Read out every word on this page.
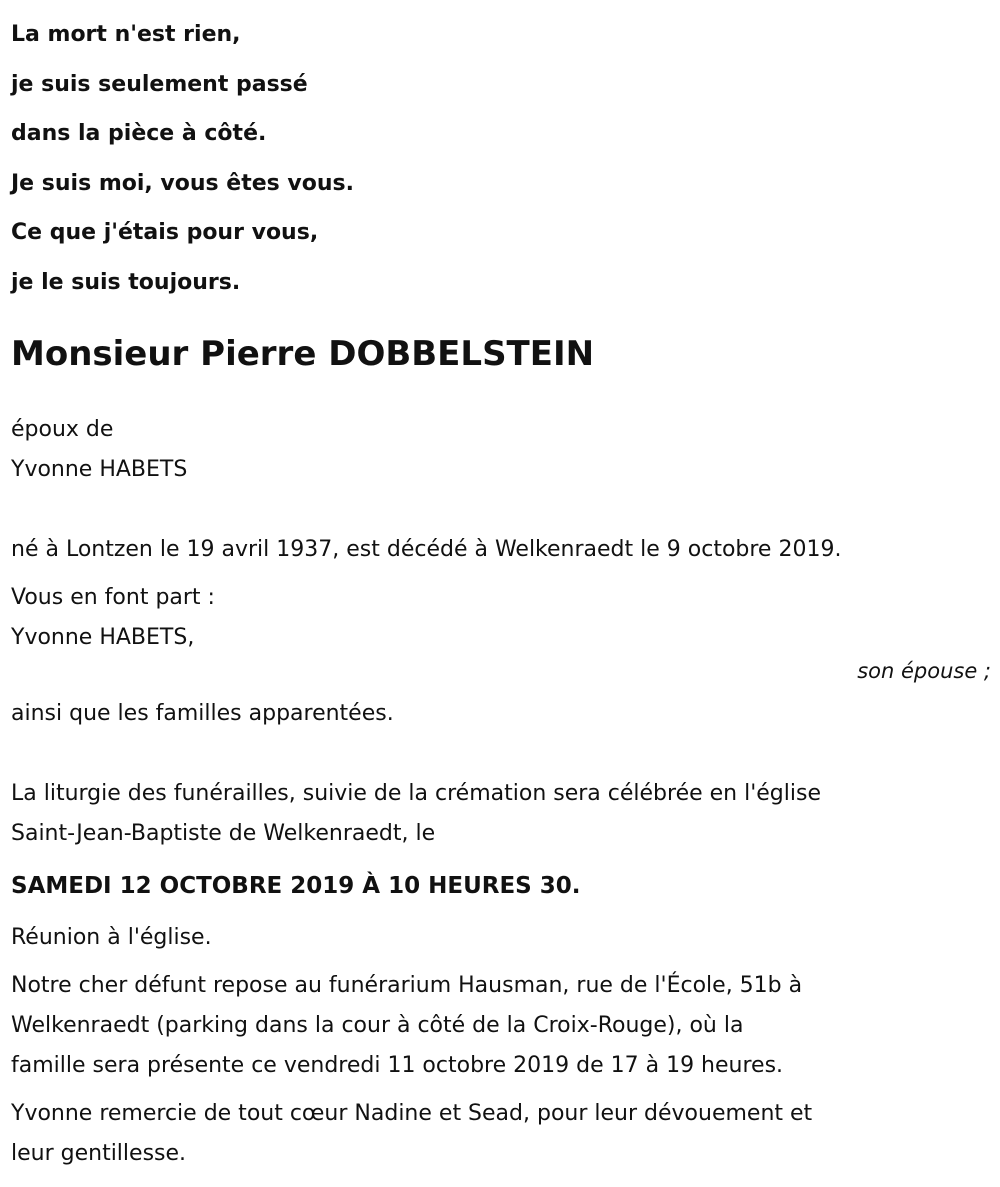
La mort n'est rien,
je suis seulement passé
dans la pièce à côté.
Je suis moi, vous êtes vous.
Ce que j'étais pour vous,
je le suis toujours.
Monsieur Pierre DOBBELSTEIN
époux de
Yvonne HABETS
né à Lontzen le 19 avril 1937, est décédé à Welkenraedt le 9 octobre 2019.
Vous en font part :
Yvonne HABETS,
son épouse ;
ainsi que les familles apparentées.
La liturgie des funérailles, suivie de la crémation sera célébrée en l'église
Saint-Jean-Baptiste de Welkenraedt, le
SAMEDI 12 OCTOBRE 2019 À 10 HEURES 30.
Réunion à l'église.
Notre cher défunt repose au funérarium Hausman, rue de l'École, 51b à
Welkenraedt (parking dans la cour à côté de la Croix-Rouge), où la
famille sera présente ce vendredi 11 octobre 2019 de 17 à 19 heures.
Yvonne remercie de tout cœur Nadine et Sead, pour leur dévouement et
leur gentillesse.
